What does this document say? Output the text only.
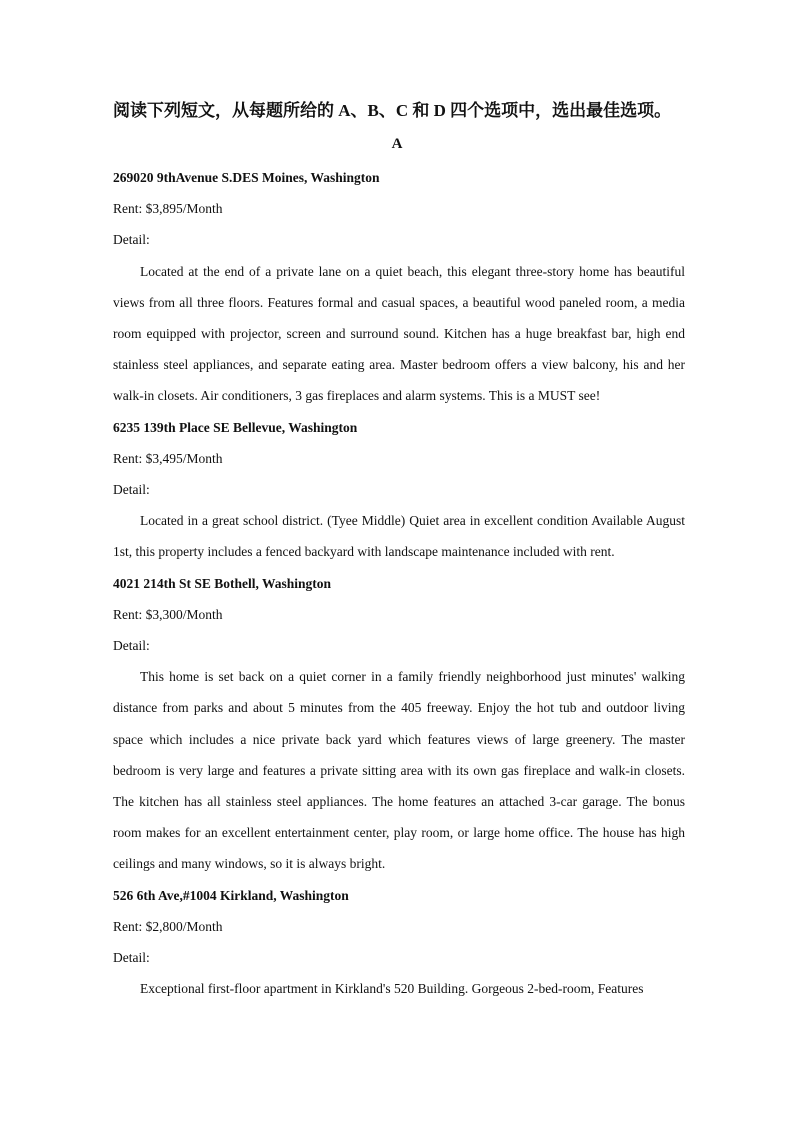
阅读下列短文，从每题所给的 A、B、C 和 D 四个选项中，选出最佳选项。
A
269020 9thAvenue S.DES Moines, Washington
Rent: $3,895/Month
Detail:

Located at the end of a private lane on a quiet beach, this elegant three-story home has beautiful views from all three floors. Features formal and casual spaces, a beautiful wood paneled room, a media room equipped with projector, screen and surround sound. Kitchen has a huge breakfast bar, high end stainless steel appliances, and separate eating area. Master bedroom offers a view balcony, his and her walk-in closets. Air conditioners, 3 gas fireplaces and alarm systems. This is a MUST see!

6235 139th Place SE Bellevue, Washington
Rent: $3,495/Month
Detail:

Located in a great school district. (Tyee Middle) Quiet area in excellent condition Available August 1st, this property includes a fenced backyard with landscape maintenance included with rent.

4021 214th St SE Bothell, Washington
Rent: $3,300/Month
Detail:

This home is set back on a quiet corner in a family friendly neighborhood just minutes' walking distance from parks and about 5 minutes from the 405 freeway. Enjoy the hot tub and outdoor living space which includes a nice private back yard which features views of large greenery. The master bedroom is very large and features a private sitting area with its own gas fireplace and walk-in closets. The kitchen has all stainless steel appliances. The home features an attached 3-car garage. The bonus room makes for an excellent entertainment center, play room, or large home office. The house has high ceilings and many windows, so it is always bright.

526 6th Ave,#1004 Kirkland, Washington
Rent: $2,800/Month
Detail:

Exceptional first-floor apartment in Kirkland's 520 Building. Gorgeous 2-bed-room, Features
